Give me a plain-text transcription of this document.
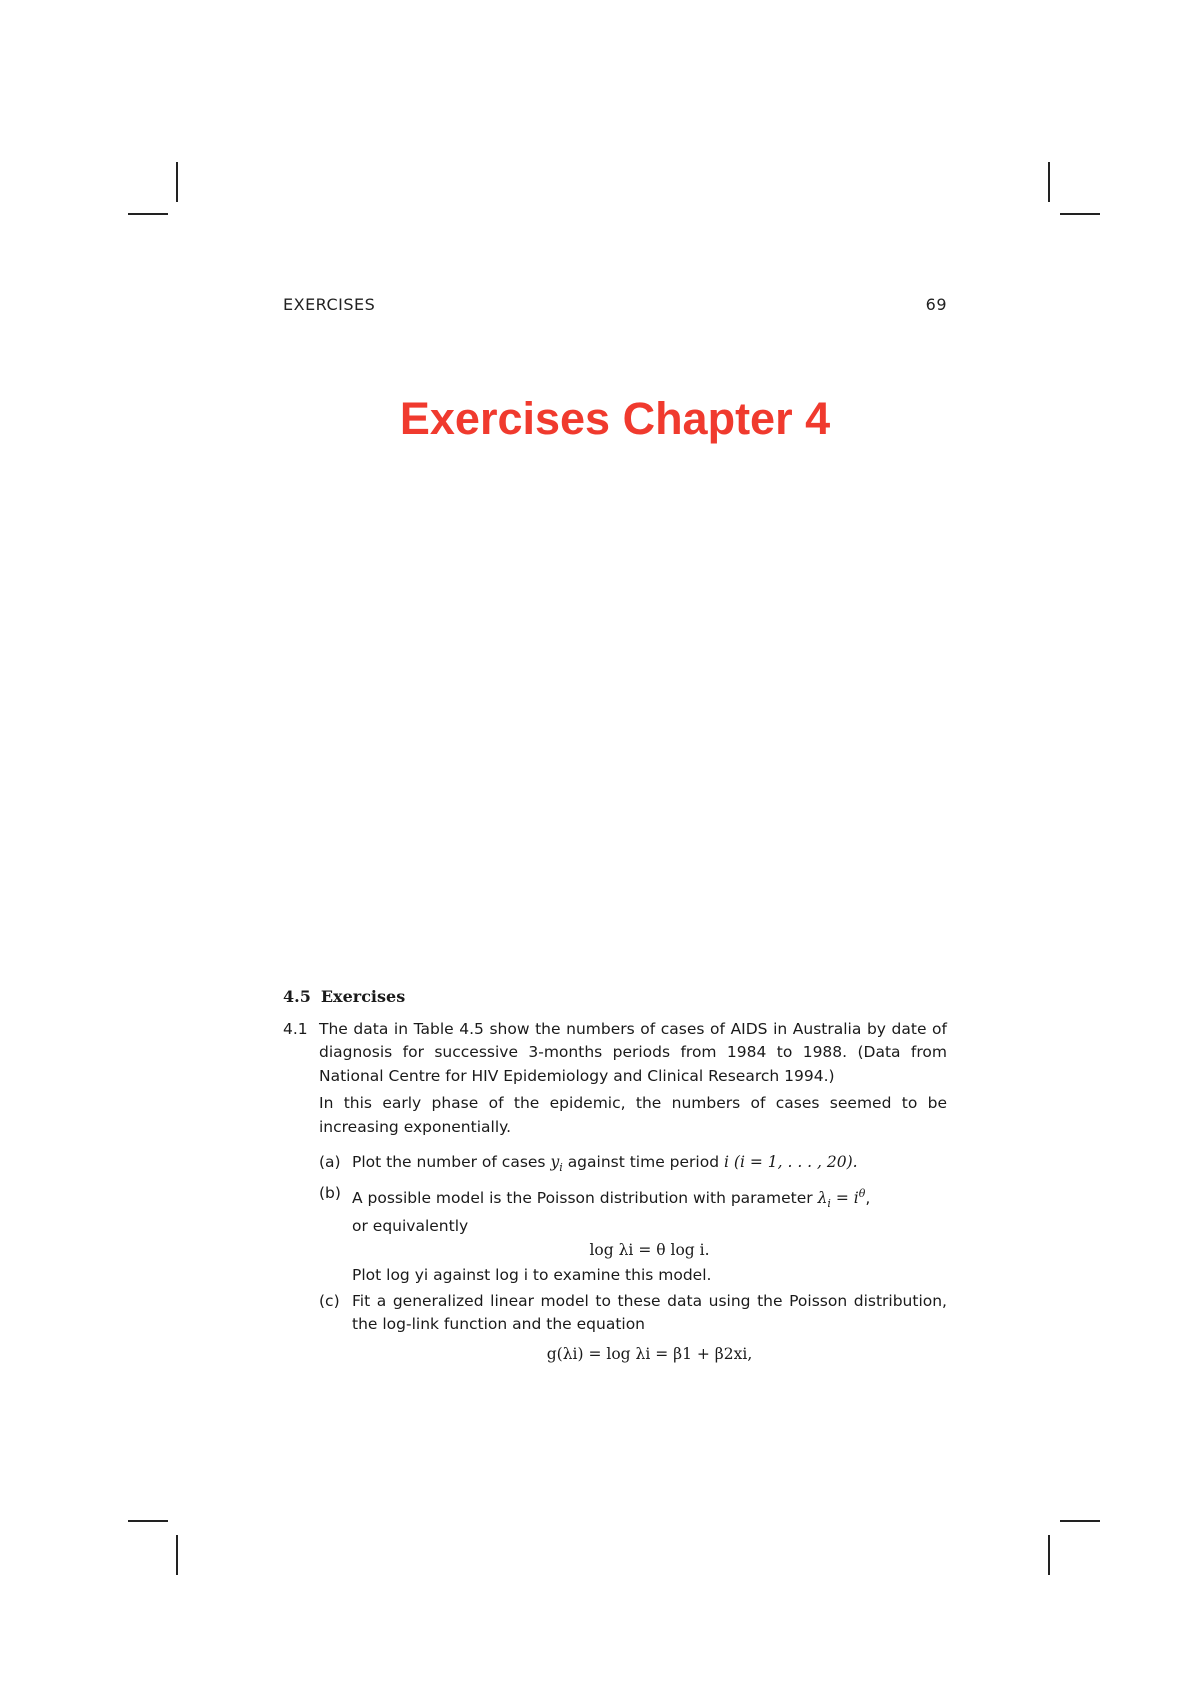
EXERCISES	69
Exercises Chapter 4
4.5 Exercises
4.1 The data in Table 4.5 show the numbers of cases of AIDS in Australia by date of diagnosis for successive 3-months periods from 1984 to 1988. (Data from National Centre for HIV Epidemiology and Clinical Research 1994.)

In this early phase of the epidemic, the numbers of cases seemed to be increasing exponentially.

(a) Plot the number of cases $y_i$ against time period i (i = 1, . . . , 20).
(b) A possible model is the Poisson distribution with parameter $\lambda_i = i^\theta$,
or equivalently
log λi = θ log i.
Plot log yi against log i to examine this model.
(c) Fit a generalized linear model to these data using the Poisson distribution, the log-link function and the equation
g(λi) = log λi = β1 + β2xi,
